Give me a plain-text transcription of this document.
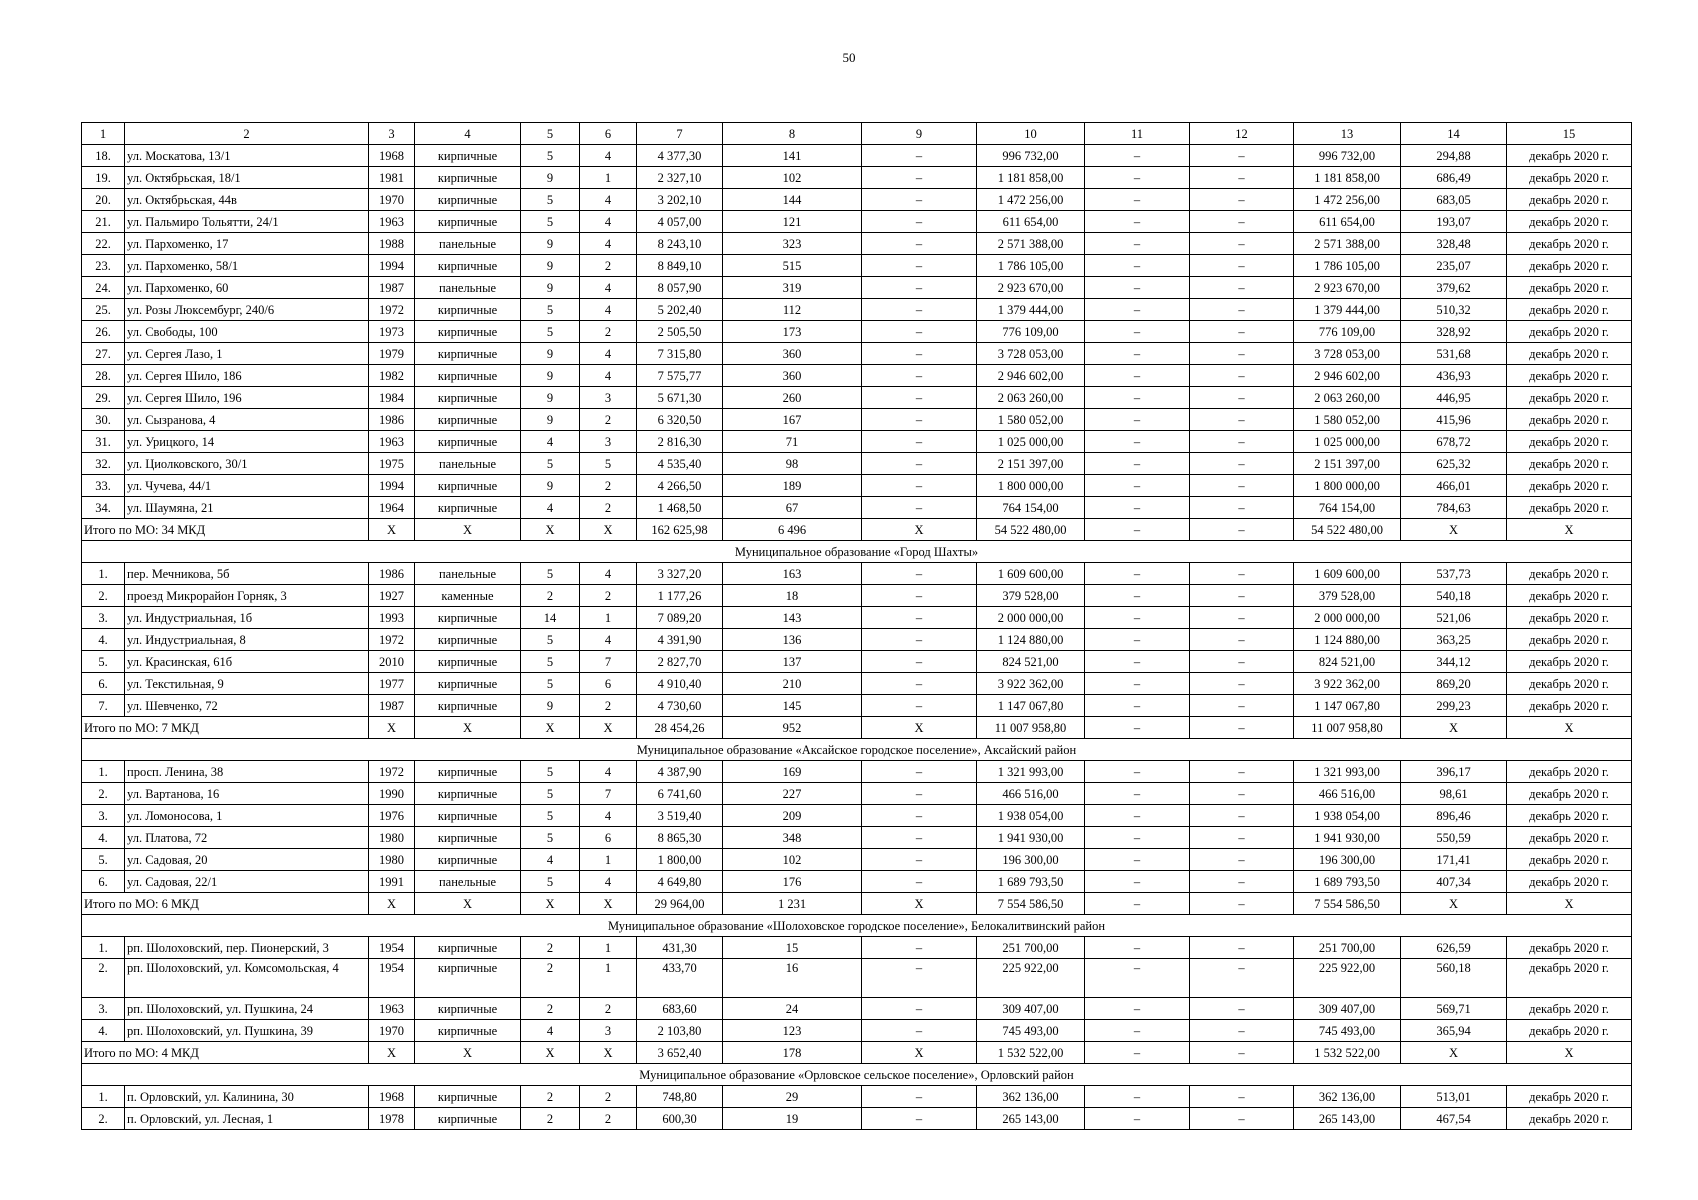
50
1	2	3	4	5	6	7	8	9	10	11	12	13	14	15
18.	ул. Москатова, 13/1	1968	кирпичные	5	4	4 377,30	141	–	996 732,00	–	–	996 732,00	294,88	декабрь 2020 г.
19.	ул. Октябрьская, 18/1	1981	кирпичные	9	1	2 327,10	102	–	1 181 858,00	–	–	1 181 858,00	686,49	декабрь 2020 г.
20.	ул. Октябрьская, 44в	1970	кирпичные	5	4	3 202,10	144	–	1 472 256,00	–	–	1 472 256,00	683,05	декабрь 2020 г.
21.	ул. Пальмиро Тольятти, 24/1	1963	кирпичные	5	4	4 057,00	121	–	611 654,00	–	–	611 654,00	193,07	декабрь 2020 г.
22.	ул. Пархоменко, 17	1988	панельные	9	4	8 243,10	323	–	2 571 388,00	–	–	2 571 388,00	328,48	декабрь 2020 г.
23.	ул. Пархоменко, 58/1	1994	кирпичные	9	2	8 849,10	515	–	1 786 105,00	–	–	1 786 105,00	235,07	декабрь 2020 г.
24.	ул. Пархоменко, 60	1987	панельные	9	4	8 057,90	319	–	2 923 670,00	–	–	2 923 670,00	379,62	декабрь 2020 г.
25.	ул. Розы Люксембург, 240/6	1972	кирпичные	5	4	5 202,40	112	–	1 379 444,00	–	–	1 379 444,00	510,32	декабрь 2020 г.
26.	ул. Свободы, 100	1973	кирпичные	5	2	2 505,50	173	–	776 109,00	–	–	776 109,00	328,92	декабрь 2020 г.
27.	ул. Сергея Лазо, 1	1979	кирпичные	9	4	7 315,80	360	–	3 728 053,00	–	–	3 728 053,00	531,68	декабрь 2020 г.
28.	ул. Сергея Шило, 186	1982	кирпичные	9	4	7 575,77	360	–	2 946 602,00	–	–	2 946 602,00	436,93	декабрь 2020 г.
29.	ул. Сергея Шило, 196	1984	кирпичные	9	3	5 671,30	260	–	2 063 260,00	–	–	2 063 260,00	446,95	декабрь 2020 г.
30.	ул. Сызранова, 4	1986	кирпичные	9	2	6 320,50	167	–	1 580 052,00	–	–	1 580 052,00	415,96	декабрь 2020 г.
31.	ул. Урицкого, 14	1963	кирпичные	4	3	2 816,30	71	–	1 025 000,00	–	–	1 025 000,00	678,72	декабрь 2020 г.
32.	ул. Циолковского, 30/1	1975	панельные	5	5	4 535,40	98	–	2 151 397,00	–	–	2 151 397,00	625,32	декабрь 2020 г.
33.	ул. Чучева, 44/1	1994	кирпичные	9	2	4 266,50	189	–	1 800 000,00	–	–	1 800 000,00	466,01	декабрь 2020 г.
34.	ул. Шаумяна, 21	1964	кирпичные	4	2	1 468,50	67	–	764 154,00	–	–	764 154,00	784,63	декабрь 2020 г.
Итого по МО: 34 МКД		X	X	X	X	162 625,98	6 496	X	54 522 480,00	–	–	54 522 480,00	X	X
Муниципальное образование «Город Шахты»														
1.	пер. Мечникова, 5б	1986	панельные	5	4	3 327,20	163	–	1 609 600,00	–	–	1 609 600,00	537,73	декабрь 2020 г.
2.	проезд Микрорайон Горняк, 3	1927	каменные	2	2	1 177,26	18	–	379 528,00	–	–	379 528,00	540,18	декабрь 2020 г.
3.	ул. Индустриальная, 1б	1993	кирпичные	14	1	7 089,20	143	–	2 000 000,00	–	–	2 000 000,00	521,06	декабрь 2020 г.
4.	ул. Индустриальная, 8	1972	кирпичные	5	4	4 391,90	136	–	1 124 880,00	–	–	1 124 880,00	363,25	декабрь 2020 г.
5.	ул. Красинская, 61б	2010	кирпичные	5	7	2 827,70	137	–	824 521,00	–	–	824 521,00	344,12	декабрь 2020 г.
6.	ул. Текстильная, 9	1977	кирпичные	5	6	4 910,40	210	–	3 922 362,00	–	–	3 922 362,00	869,20	декабрь 2020 г.
7.	ул. Шевченко, 72	1987	кирпичные	9	2	4 730,60	145	–	1 147 067,80	–	–	1 147 067,80	299,23	декабрь 2020 г.
Итого по МО: 7 МКД		X	X	X	X	28 454,26	952	X	11 007 958,80	–	–	11 007 958,80	X	X
Муниципальное образование «Аксайское городское поселение», Аксайский район														
1.	просп. Ленина, 38	1972	кирпичные	5	4	4 387,90	169	–	1 321 993,00	–	–	1 321 993,00	396,17	декабрь 2020 г.
2.	ул. Вартанова, 16	1990	кирпичные	5	7	6 741,60	227	–	466 516,00	–	–	466 516,00	98,61	декабрь 2020 г.
3.	ул. Ломоносова, 1	1976	кирпичные	5	4	3 519,40	209	–	1 938 054,00	–	–	1 938 054,00	896,46	декабрь 2020 г.
4.	ул. Платова, 72	1980	кирпичные	5	6	8 865,30	348	–	1 941 930,00	–	–	1 941 930,00	550,59	декабрь 2020 г.
5.	ул. Садовая, 20	1980	кирпичные	4	1	1 800,00	102	–	196 300,00	–	–	196 300,00	171,41	декабрь 2020 г.
6.	ул. Садовая, 22/1	1991	панельные	5	4	4 649,80	176	–	1 689 793,50	–	–	1 689 793,50	407,34	декабрь 2020 г.
Итого по МО: 6 МКД		X	X	X	X	29 964,00	1 231	X	7 554 586,50	–	–	7 554 586,50	X	X
Муниципальное образование «Шолоховское городское поселение», Белокалитвинский район														
1.	рп. Шолоховский, пер. Пионерский, 3	1954	кирпичные	2	1	431,30	15	–	251 700,00	–	–	251 700,00	626,59	декабрь 2020 г.
2.	рп. Шолоховский, ул. Комсомольская, 4	1954	кирпичные	2	1	433,70	16	–	225 922,00	–	–	225 922,00	560,18	декабрь 2020 г.
3.	рп. Шолоховский, ул. Пушкина, 24	1963	кирпичные	2	2	683,60	24	–	309 407,00	–	–	309 407,00	569,71	декабрь 2020 г.
4.	рп. Шолоховский, ул. Пушкина, 39	1970	кирпичные	4	3	2 103,80	123	–	745 493,00	–	–	745 493,00	365,94	декабрь 2020 г.
Итого по МО: 4 МКД		X	X	X	X	3 652,40	178	X	1 532 522,00	–	–	1 532 522,00	X	X
Муниципальное образование «Орловское сельское поселение», Орловский район														
1.	п. Орловский, ул. Калинина, 30	1968	кирпичные	2	2	748,80	29	–	362 136,00	–	–	362 136,00	513,01	декабрь 2020 г.
2.	п. Орловский, ул. Лесная, 1	1978	кирпичные	2	2	600,30	19	–	265 143,00	–	–	265 143,00	467,54	декабрь 2020 г.
